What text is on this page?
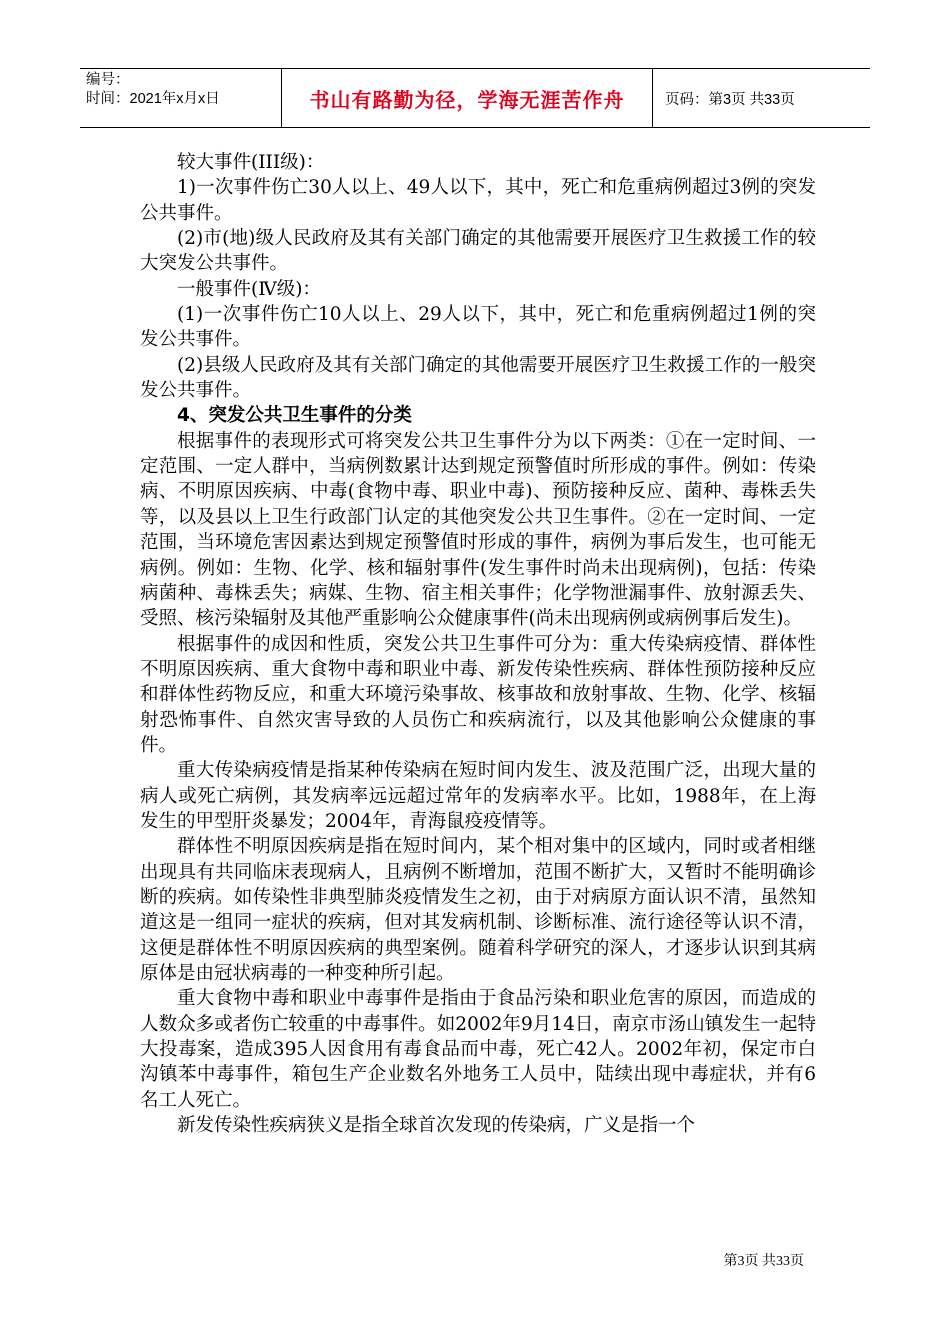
编号：
时间：2021年x月x日	书山有路勤为径，学海无涯苦作舟	页码：第3页 共33页

较大事件(III级)：

1)一次事件伤亡30人以上、49人以下，其中，死亡和危重病例超过3例的突发公共事件。

(2)市(地)级人民政府及其有关部门确定的其他需要开展医疗卫生救援工作的较大突发公共事件。

一般事件(Ⅳ级)：

(1)一次事件伤亡10人以上、29人以下，其中，死亡和危重病例超过1例的突发公共事件。

(2)县级人民政府及其有关部门确定的其他需要开展医疗卫生救援工作的一般突发公共事件。

4、突发公共卫生事件的分类

根据事件的表现形式可将突发公共卫生事件分为以下两类：①在一定时间、一定范围、一定人群中，当病例数累计达到规定预警值时所形成的事件。例如：传染病、不明原因疾病、中毒(食物中毒、职业中毒)、预防接种反应、菌种、毒株丢失等，以及县以上卫生行政部门认定的其他突发公共卫生事件。②在一定时间、一定范围，当环境危害因素达到规定预警值时形成的事件，病例为事后发生，也可能无病例。例如：生物、化学、核和辐射事件(发生事件时尚未出现病例)，包括：传染病菌种、毒株丢失；病媒、生物、宿主相关事件；化学物泄漏事件、放射源丢失、受照、核污染辐射及其他严重影响公众健康事件(尚未出现病例或病例事后发生)。

根据事件的成因和性质，突发公共卫生事件可分为：重大传染病疫情、群体性不明原因疾病、重大食物中毒和职业中毒、新发传染性疾病、群体性预防接种反应和群体性药物反应，和重大环境污染事故、核事故和放射事故、生物、化学、核辐射恐怖事件、自然灾害导致的人员伤亡和疾病流行，以及其他影响公众健康的事件。

重大传染病疫情是指某种传染病在短时间内发生、波及范围广泛，出现大量的病人或死亡病例，其发病率远远超过常年的发病率水平。比如，1988年，在上海发生的甲型肝炎暴发；2004年，青海鼠疫疫情等。

群体性不明原因疾病是指在短时间内，某个相对集中的区域内，同时或者相继出现具有共同临床表现病人，且病例不断增加，范围不断扩大，又暂时不能明确诊断的疾病。如传染性非典型肺炎疫情发生之初，由于对病原方面认识不清，虽然知道这是一组同一症状的疾病，但对其发病机制、诊断标准、流行途径等认识不清，这便是群体性不明原因疾病的典型案例。随着科学研究的深人，才逐步认识到其病原体是由冠状病毒的一种变种所引起。

重大食物中毒和职业中毒事件是指由于食品污染和职业危害的原因，而造成的人数众多或者伤亡较重的中毒事件。如2002年9月14日，南京市汤山镇发生一起特大投毒案，造成395人因食用有毒食品而中毒，死亡42人。2002年初，保定市白沟镇苯中毒事件，箱包生产企业数名外地务工人员中，陆续出现中毒症状，并有6名工人死亡。

新发传染性疾病狭义是指全球首次发现的传染病，广义是指一个

第3页 共33页
